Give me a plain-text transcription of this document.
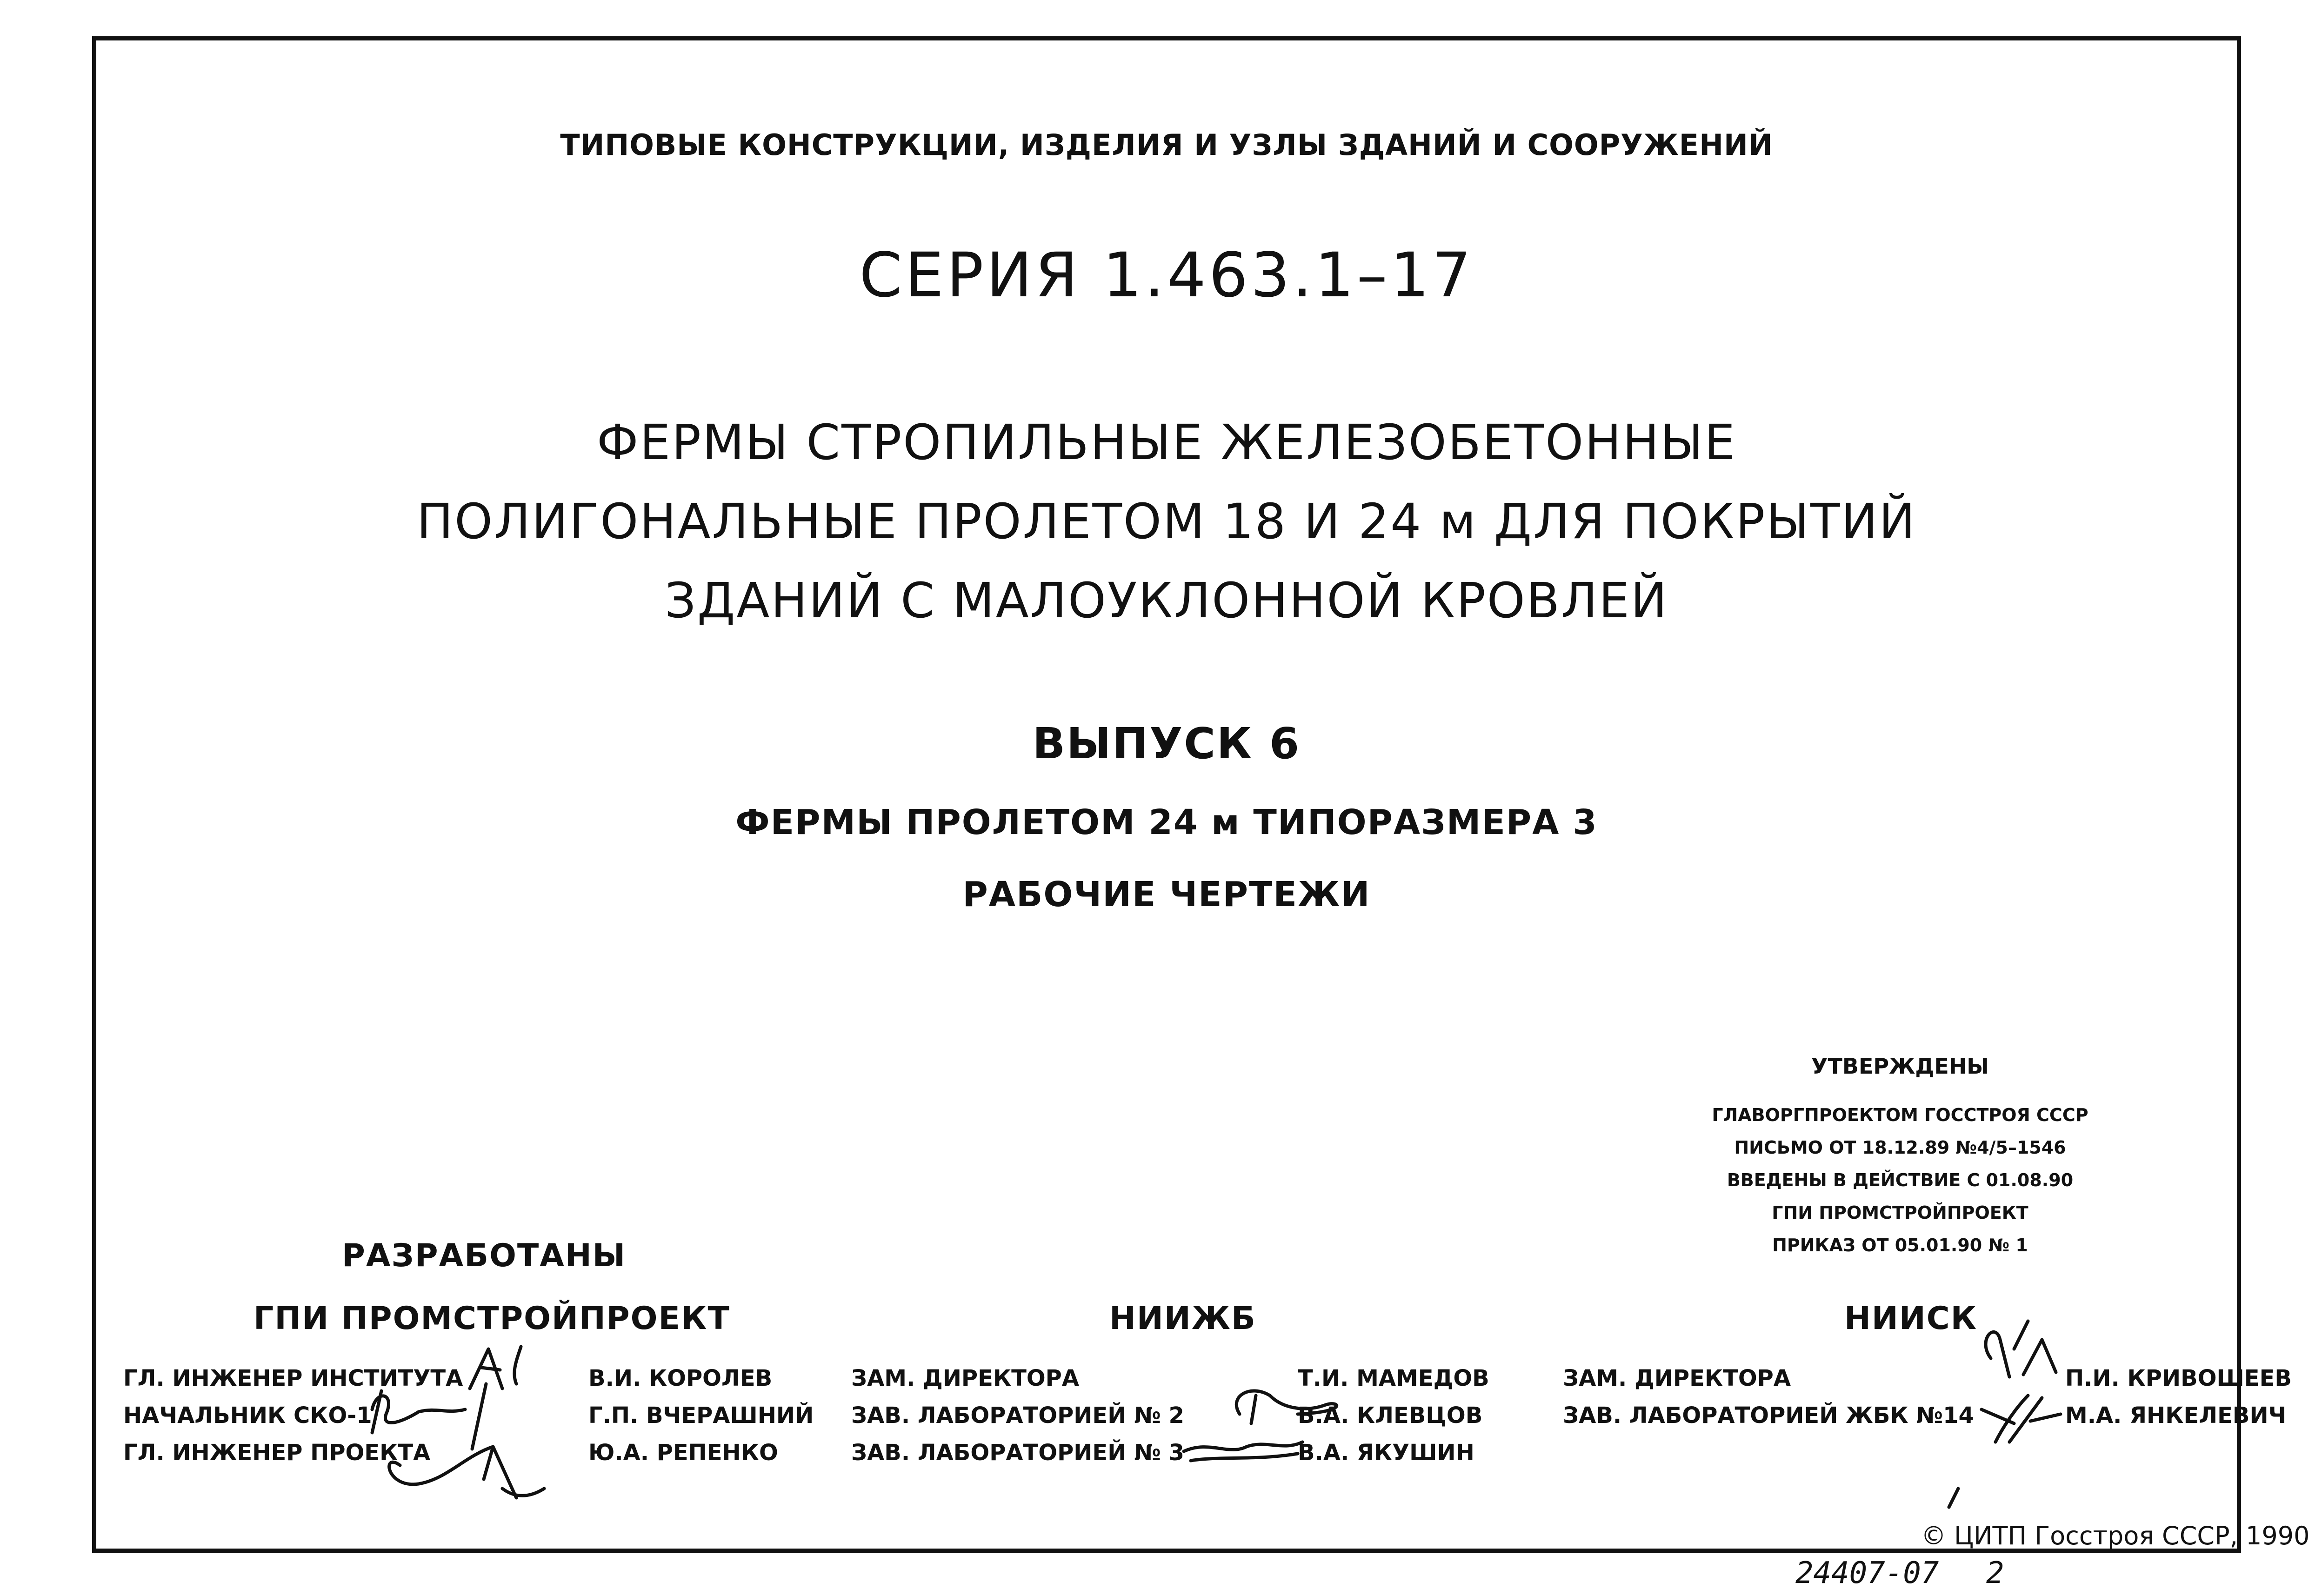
ТИПОВЫЕ КОНСТРУКЦИИ, ИЗДЕЛИЯ И УЗЛЫ ЗДАНИЙ И СООРУЖЕНИЙ
СЕРИЯ 1.463.1–17
ФЕРМЫ СТРОПИЛЬНЫЕ ЖЕЛЕЗОБЕТОННЫЕ
ПОЛИГОНАЛЬНЫЕ ПРОЛЕТОМ 18 И 24 м ДЛЯ ПОКРЫТИЙ
ЗДАНИЙ С МАЛОУКЛОННОЙ КРОВЛЕЙ
ВЫПУСК 6
ФЕРМЫ ПРОЛЕТОМ 24 м ТИПОРАЗМЕРА 3
РАБОЧИЕ ЧЕРТЕЖИ
УТВЕРЖДЕНЫ
ГЛАВОРГПРОЕКТОМ ГОССТРОЯ СССР
ПИСЬМО ОТ 18.12.89 №4/5–1546
ВВЕДЕНЫ В ДЕЙСТВИЕ С 01.08.90
ГПИ ПРОМСТРОЙПРОЕКТ
ПРИКАЗ ОТ 05.01.90 № 1
РАЗРАБОТАНЫ
ГПИ ПРОМСТРОЙПРОЕКТ	НИИЖБ	НИИСК
ГЛ. ИНЖЕНЕР ИНСТИТУТА	В.И. КОРОЛЕВ
НАЧАЛЬНИК СКО-1	Г.П. ВЧЕРАШНИЙ
ГЛ. ИНЖЕНЕР ПРОЕКТА	Ю.А. РЕПЕНКО
ЗАМ. ДИРЕКТОРА	Т.И. МАМЕДОВ
ЗАВ. ЛАБОРАТОРИЕЙ № 2	В.А. КЛЕВЦОВ
ЗАВ. ЛАБОРАТОРИЕЙ № 3	В.А. ЯКУШИН
ЗАМ. ДИРЕКТОРА	П.И. КРИВОШЕЕВ
ЗАВ. ЛАБОРАТОРИЕЙ ЖБК №14	М.А. ЯНКЕЛЕВИЧ
© ЦИТП Госстроя СССР, 1990
24407-07 2
